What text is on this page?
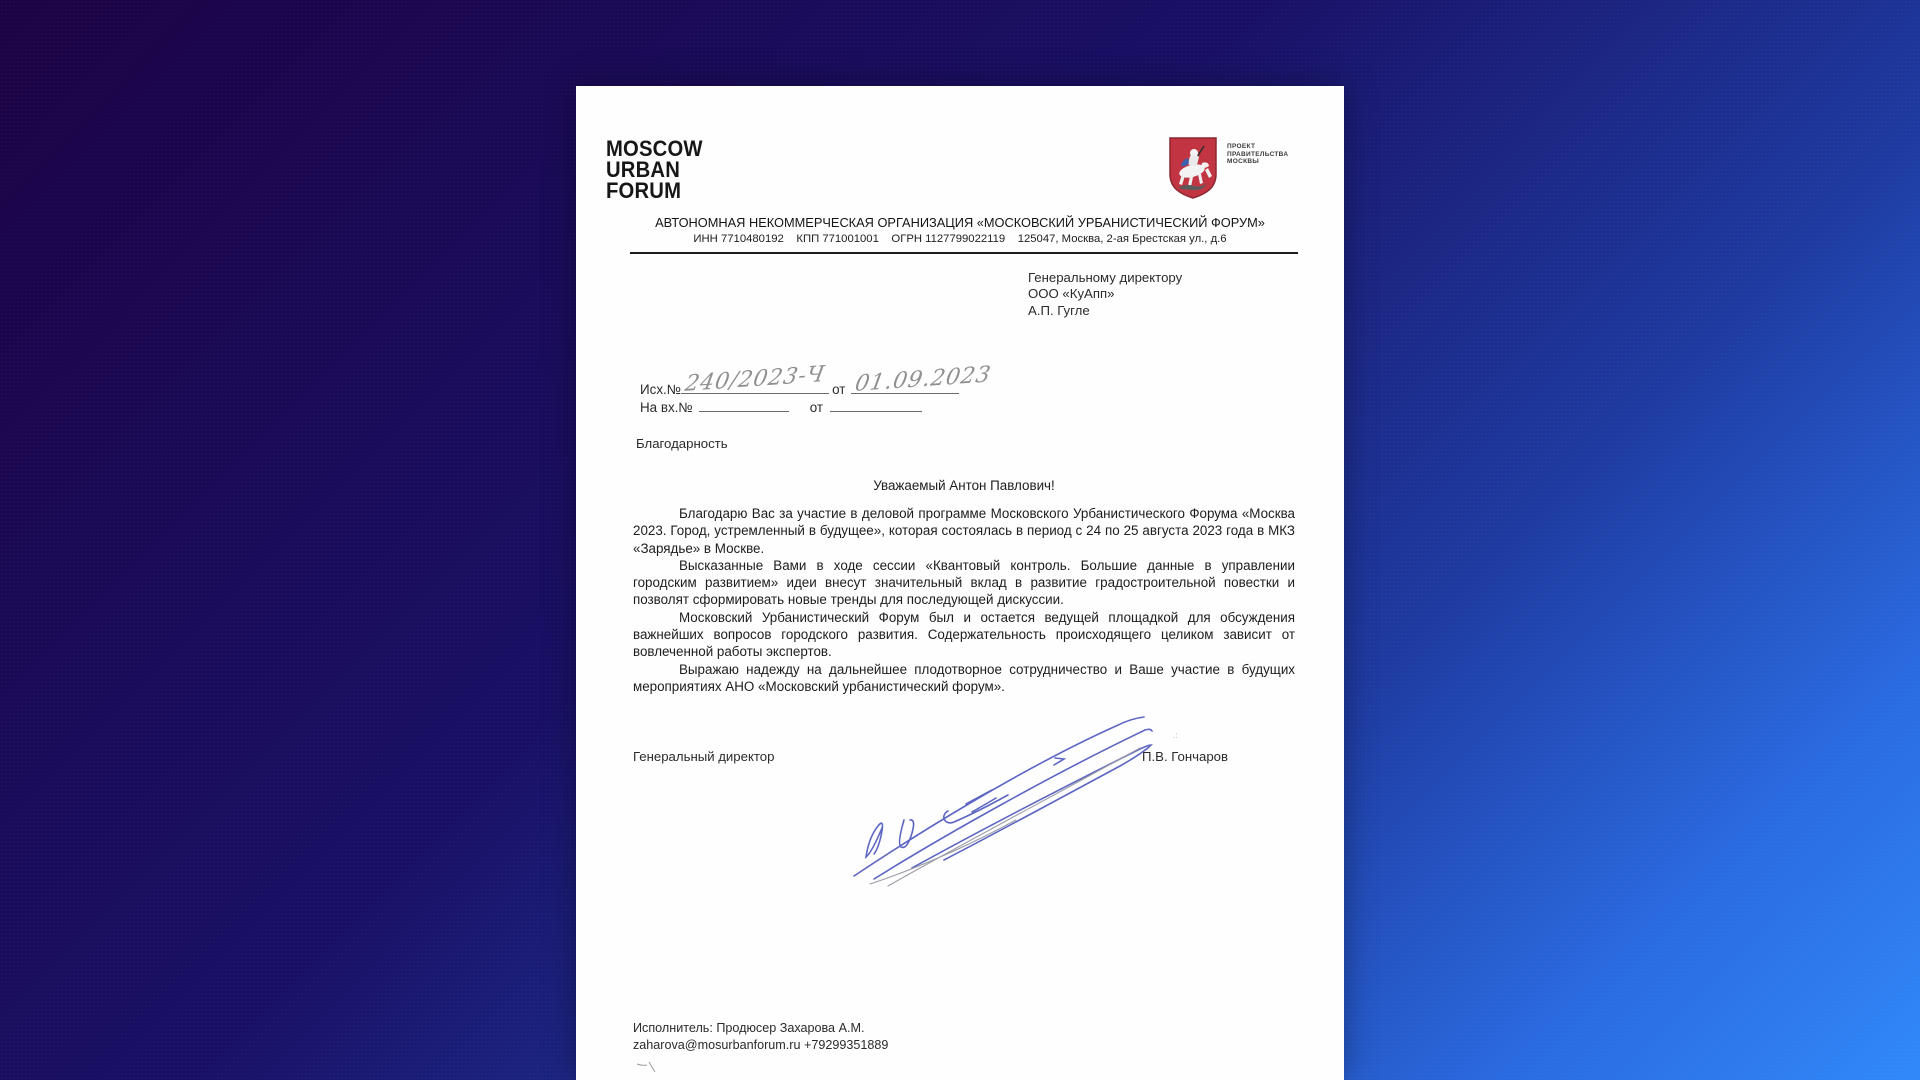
MOSCOW
URBAN
FORUM
ПРОЕКТ
ПРАВИТЕЛЬСТВА
МОСКВЫ
АВТОНОМНАЯ НЕКОММЕРЧЕСКАЯ ОРГАНИЗАЦИЯ «МОСКОВСКИЙ УРБАНИСТИЧЕСКИЙ ФОРУМ»
ИНН 7710480192    КПП 771001001    ОГРН 1127799022119    125047, Москва, 2-ая Брестская ул., д.6
Генеральному директору
ООО «КуАпп»
А.П. Гугле
Исх.№ 240/2023-Ч от 01.09.2023
На вх.№	от
Благодарность
Уважаемый Антон Павлович!

Благодарю Вас за участие в деловой программе Московского Урбанистического Форума «Москва 2023. Город, устремленный в будущее», которая состоялась в период с 24 по 25 августа 2023 года в МКЗ «Зарядье» в Москве.

Высказанные Вами в ходе сессии «Квантовый контроль. Большие данные в управлении городским развитием» идеи внесут значительный вклад в развитие градостроительной повестки и позволят сформировать новые тренды для последующей дискуссии.

Московский Урбанистический Форум был и остается ведущей площадкой для обсуждения важнейших вопросов городского развития. Содержательность происходящего целиком зависит от вовлеченной работы экспертов.

Выражаю надежду на дальнейшее плодотворное сотрудничество и Ваше участие в будущих мероприятиях АНО «Московский урбанистический форум».

Генеральный директор	П.В. Гончаров
.:
Исполнитель: Продюсер Захарова А.М.
zaharova@mosurbanforum.ru +79299351889
